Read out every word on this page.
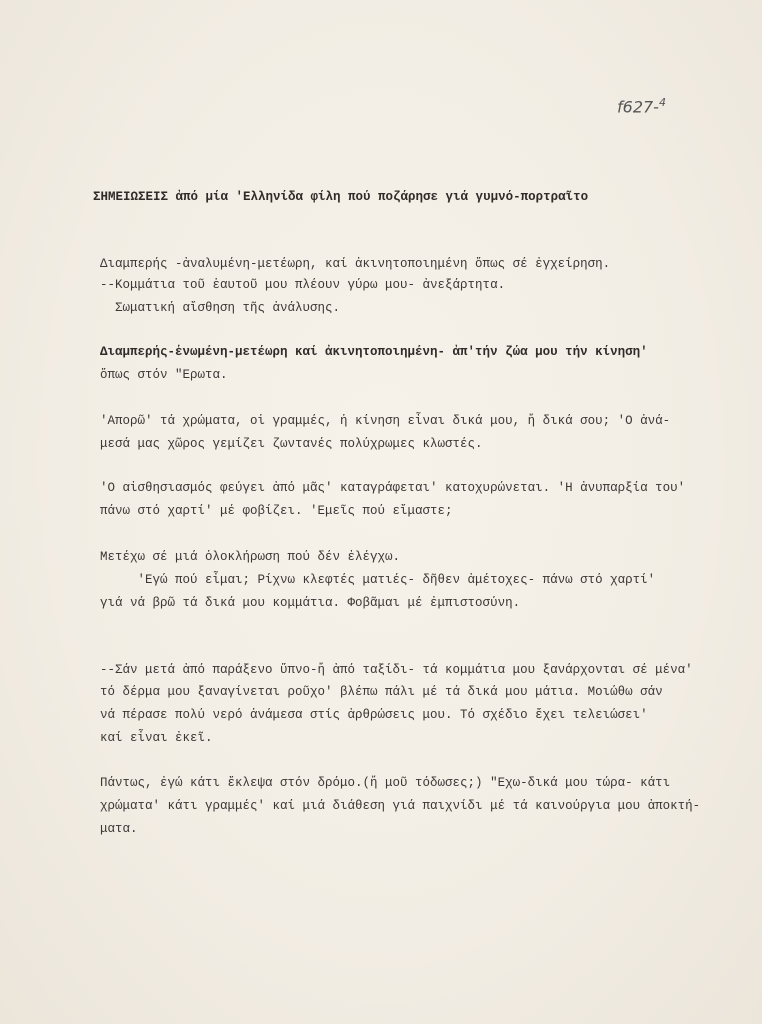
f627-$^4$
ΣΗΜΕΙΩΣΕΙΣ ἀπό μία 'Ελληνίδα φίλη πού ποζάρησε γιά γυμνό-πορτραῖτο
Διαμπερής -ἀναλυμένη-μετέωρη, καί ἀκινητοποιημένη ὅπως σέ ἐγχείρηση.
--Κομμάτια τοῦ ἑαυτοῦ μου πλέουν γύρω μου- ἀνεξάρτητα.
Σωματική αἴσθηση τῆς ἀνάλυσης.
Διαμπερής-ἑνωμένη-μετέωρη καί ἀκινητοποιημένη- ἀπ'τήν ζώα μου τήν κίνηση'
ὅπως στόν "Ερωτα.
'Απορῶ' τά χρώματα, οἱ γραμμές, ἡ κίνηση εἶναι δικά μου, ἤ δικά σου; 'Ο ἀνά-
μεσά μας χῶρος γεμίζει ζωντανές πολύχρωμες κλωστές.
'Ο αἰσθησιασμός φεύγει ἀπό μᾶς' καταγράφεται' κατοχυρώνεται. 'Η ἀνυπαρξία του'
πάνω στό χαρτί' μέ φοβίζει. 'Εμεῖς πού εἴμαστε;
Μετέχω σέ μιά ὁλοκλήρωση πού δέν ἐλέγχω.
'Εγώ πού εἶμαι; Ρίχνω κλεφτές ματιές- δῆθεν ἀμέτοχες- πάνω στό χαρτί'
γιά νά βρῶ τά δικά μου κομμάτια. Φοβᾶμαι μέ ἐμπιστοσύνη.
--Σάν μετά ἀπό παράξενο ὕπνο-ἤ ἀπό ταξίδι- τά κομμάτια μου ξανάρχονται σέ μένα'
τό δέρμα μου ξαναγίνεται ροῦχο' βλέπω πάλι μέ τά δικά μου μάτια. Μοιώθω σάν
νά πέρασε πολύ νερό ἀνάμεσα στίς ἀρθρώσεις μου. Τό σχέδιο ἔχει τελειώσει'
καί εἶναι ἐκεῖ.
Πάντως, ἐγώ κάτι ἔκλεψα στόν δρόμο.(ἤ μοῦ τόδωσες;) "Εχω-δικά μου τώρα- κάτι
χρώματα' κάτι γραμμές' καί μιά διάθεση γιά παιχνίδι μέ τά καινούργια μου ἀποκτή-
ματα.
